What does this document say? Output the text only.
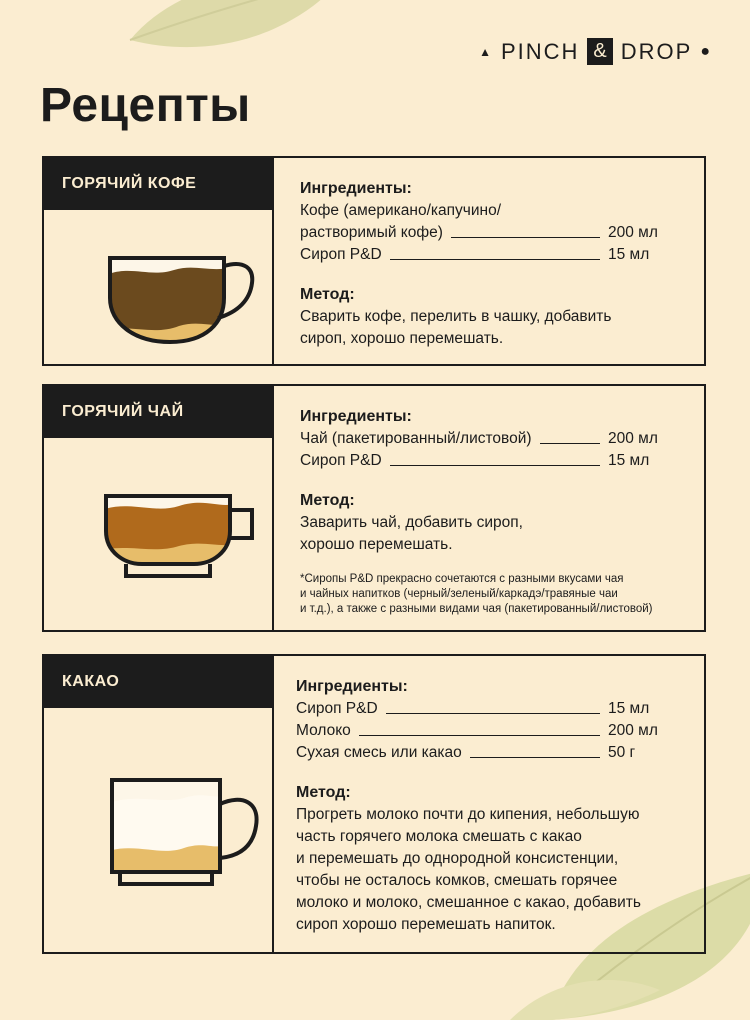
▲ PINCH & DROP ●
Рецепты
ГОРЯЧИЙ КОФЕ	Ингредиенты:
Кофе (американо/капучино/
растворимый кофе)	200 мл
Сироп P&D	15 мл
Метод:
Сварить кофе, перелить в чашку, добавить
сироп, хорошо перемешать.
ГОРЯЧИЙ ЧАЙ	Ингредиенты:
Чай (пакетированный/листовой)	200 мл
Сироп P&D	15 мл
Метод:
Заварить чай, добавить сироп,
хорошо перемешать.
*Сиропы P&D прекрасно сочетаются с разными вкусами чая
и чайных напитков (черный/зеленый/каркадэ/травяные чаи
и т.д.), а также с разными видами чая (пакетированный/листовой)
КАКАО	Ингредиенты:
Сироп P&D	15 мл
Молоко	200 мл
Сухая смесь или какао	50 г
Метод:
Прогреть молоко почти до кипения, небольшую
часть горячего молока смешать с какао
и перемешать до однородной консистенции,
чтобы не осталось комков, смешать горячее
молоко и молоко, смешанное с какао, добавить
сироп хорошо перемешать напиток.
